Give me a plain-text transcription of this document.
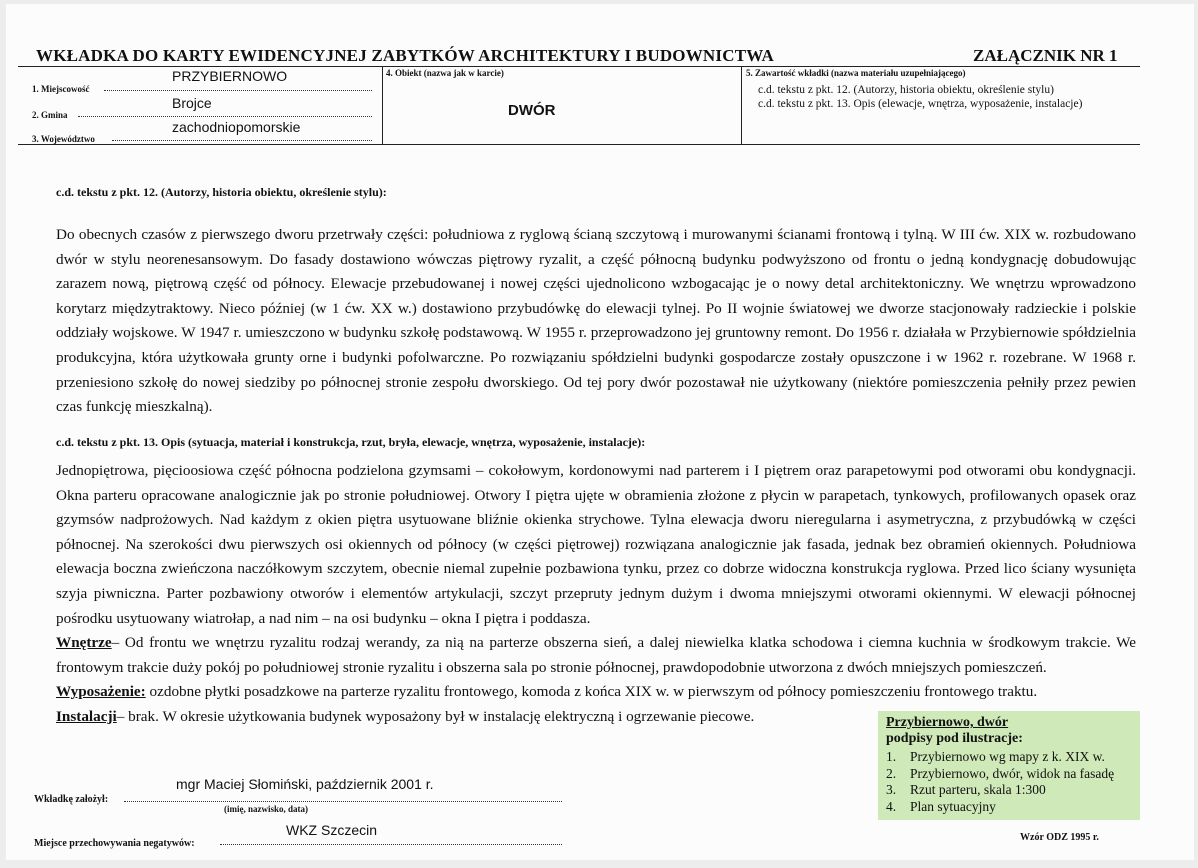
WKŁADKA DO KARTY EWIDENCYJNEJ ZABYTKÓW ARCHITEKTURY I BUDOWNICTWA	ZAŁĄCZNIK NR 1
1. Miejscowość
PRZYBIERNOWO
2. Gmina
Brojce
3. Województwo
zachodniopomorskie
4. Obiekt (nazwa jak w karcie)
DWÓR
5. Zawartość wkładki (nazwa materiału uzupełniającego)
c.d. tekstu z pkt. 12. (Autorzy, historia obiektu, określenie stylu)
c.d. tekstu z pkt. 13. Opis (elewacje, wnętrza, wyposażenie, instalacje)
c.d. tekstu z pkt. 12. (Autorzy, historia obiektu, określenie stylu):

Do obecnych czasów z pierwszego dworu przetrwały części: południowa z ryglową ścianą szczytową i murowanymi ścianami frontową i tylną. W III ćw. XIX w. rozbudowano dwór w stylu neorenesansowym. Do fasady dostawiono wówczas piętrowy ryzalit, a część północną budynku podwyższono od frontu o jedną kondygnację dobudowując zarazem nową, piętrową część od północy. Elewacje przebudowanej i nowej części ujednolicono wzbogacając je o nowy detal architektoniczny. We wnętrzu wprowadzono korytarz międzytraktowy. Nieco później (w 1 ćw. XX w.) dostawiono przybudówkę do elewacji tylnej. Po II wojnie światowej we dworze stacjonowały radzieckie i polskie oddziały wojskowe. W 1947 r. umieszczono w budynku szkołę podstawową. W 1955 r. przeprowadzono jej gruntowny remont. Do 1956 r. działała w Przybiernowie spółdzielnia produkcyjna, która użytkowała grunty orne i budynki pofolwarczne. Po rozwiązaniu spółdzielni budynki gospodarcze zostały opuszczone i w 1962 r. rozebrane. W 1968 r. przeniesiono szkołę do nowej siedziby po północnej stronie zespołu dworskiego. Od tej pory dwór pozostawał nie użytkowany (niektóre pomieszczenia pełniły przez pewien czas funkcję mieszkalną).

c.d. tekstu z pkt. 13. Opis (sytuacja, materiał i konstrukcja, rzut, bryła, elewacje, wnętrza, wyposażenie, instalacje):

Jednopiętrowa, pięcioosiowa część północna podzielona gzymsami – cokołowym, kordonowymi nad parterem i I piętrem oraz parapetowymi pod otworami obu kondygnacji. Okna parteru opracowane analogicznie jak po stronie południowej. Otwory I piętra ujęte w obramienia złożone z płycin w parapetach, tynkowych, profilowanych opasek oraz gzymsów nadprożowych. Nad każdym z okien piętra usytuowane bliźnie okienka strychowe. Tylna elewacja dworu nieregularna i asymetryczna, z przybudówką w części północnej. Na szerokości dwu pierwszych osi okiennych od północy (w części piętrowej) rozwiązana analogicznie jak fasada, jednak bez obramień okiennych. Południowa elewacja boczna zwieńczona naczółkowym szczytem, obecnie niemal zupełnie pozbawiona tynku, przez co dobrze widoczna konstrukcja ryglowa. Przed lico ściany wysunięta szyja piwniczna. Parter pozbawiony otworów i elementów artykulacji, szczyt przepruty jednym dużym i dwoma mniejszymi otworami okiennymi. W elewacji północnej pośrodku usytuowany wiatrołap, a nad nim – na osi budynku – okna I piętra i poddasza.

Wnętrze– Od frontu we wnętrzu ryzalitu rodzaj werandy, za nią na parterze obszerna sień, a dalej niewielka klatka schodowa i ciemna kuchnia w środkowym trakcie. We frontowym trakcie duży pokój po południowej stronie ryzalitu i obszerna sala po stronie północnej, prawdopodobnie utworzona z dwóch mniejszych pomieszczeń.

Wyposażenie: ozdobne płytki posadzkowe na parterze ryzalitu frontowego, komoda z końca XIX w. w pierwszym od północy pomieszczeniu frontowego traktu.

Instalacji– brak. W okresie użytkowania budynek wyposażony był w instalację elektryczną i ogrzewanie piecowe.	Przybiernowo, dwór
podpisy pod ilustracje:
1. Przybiernowo wg mapy z k. XIX w.
2. Przybiernowo, dwór, widok na fasadę
3. Rzut parteru, skala 1:300
4. Plan sytuacyjny
mgr Maciej Słomiński, październik 2001 r.
Wkładkę założył:
(imię, nazwisko, data)
WKZ Szczecin
Miejsce przechowywania negatywów:
Wzór ODZ 1995 r.
